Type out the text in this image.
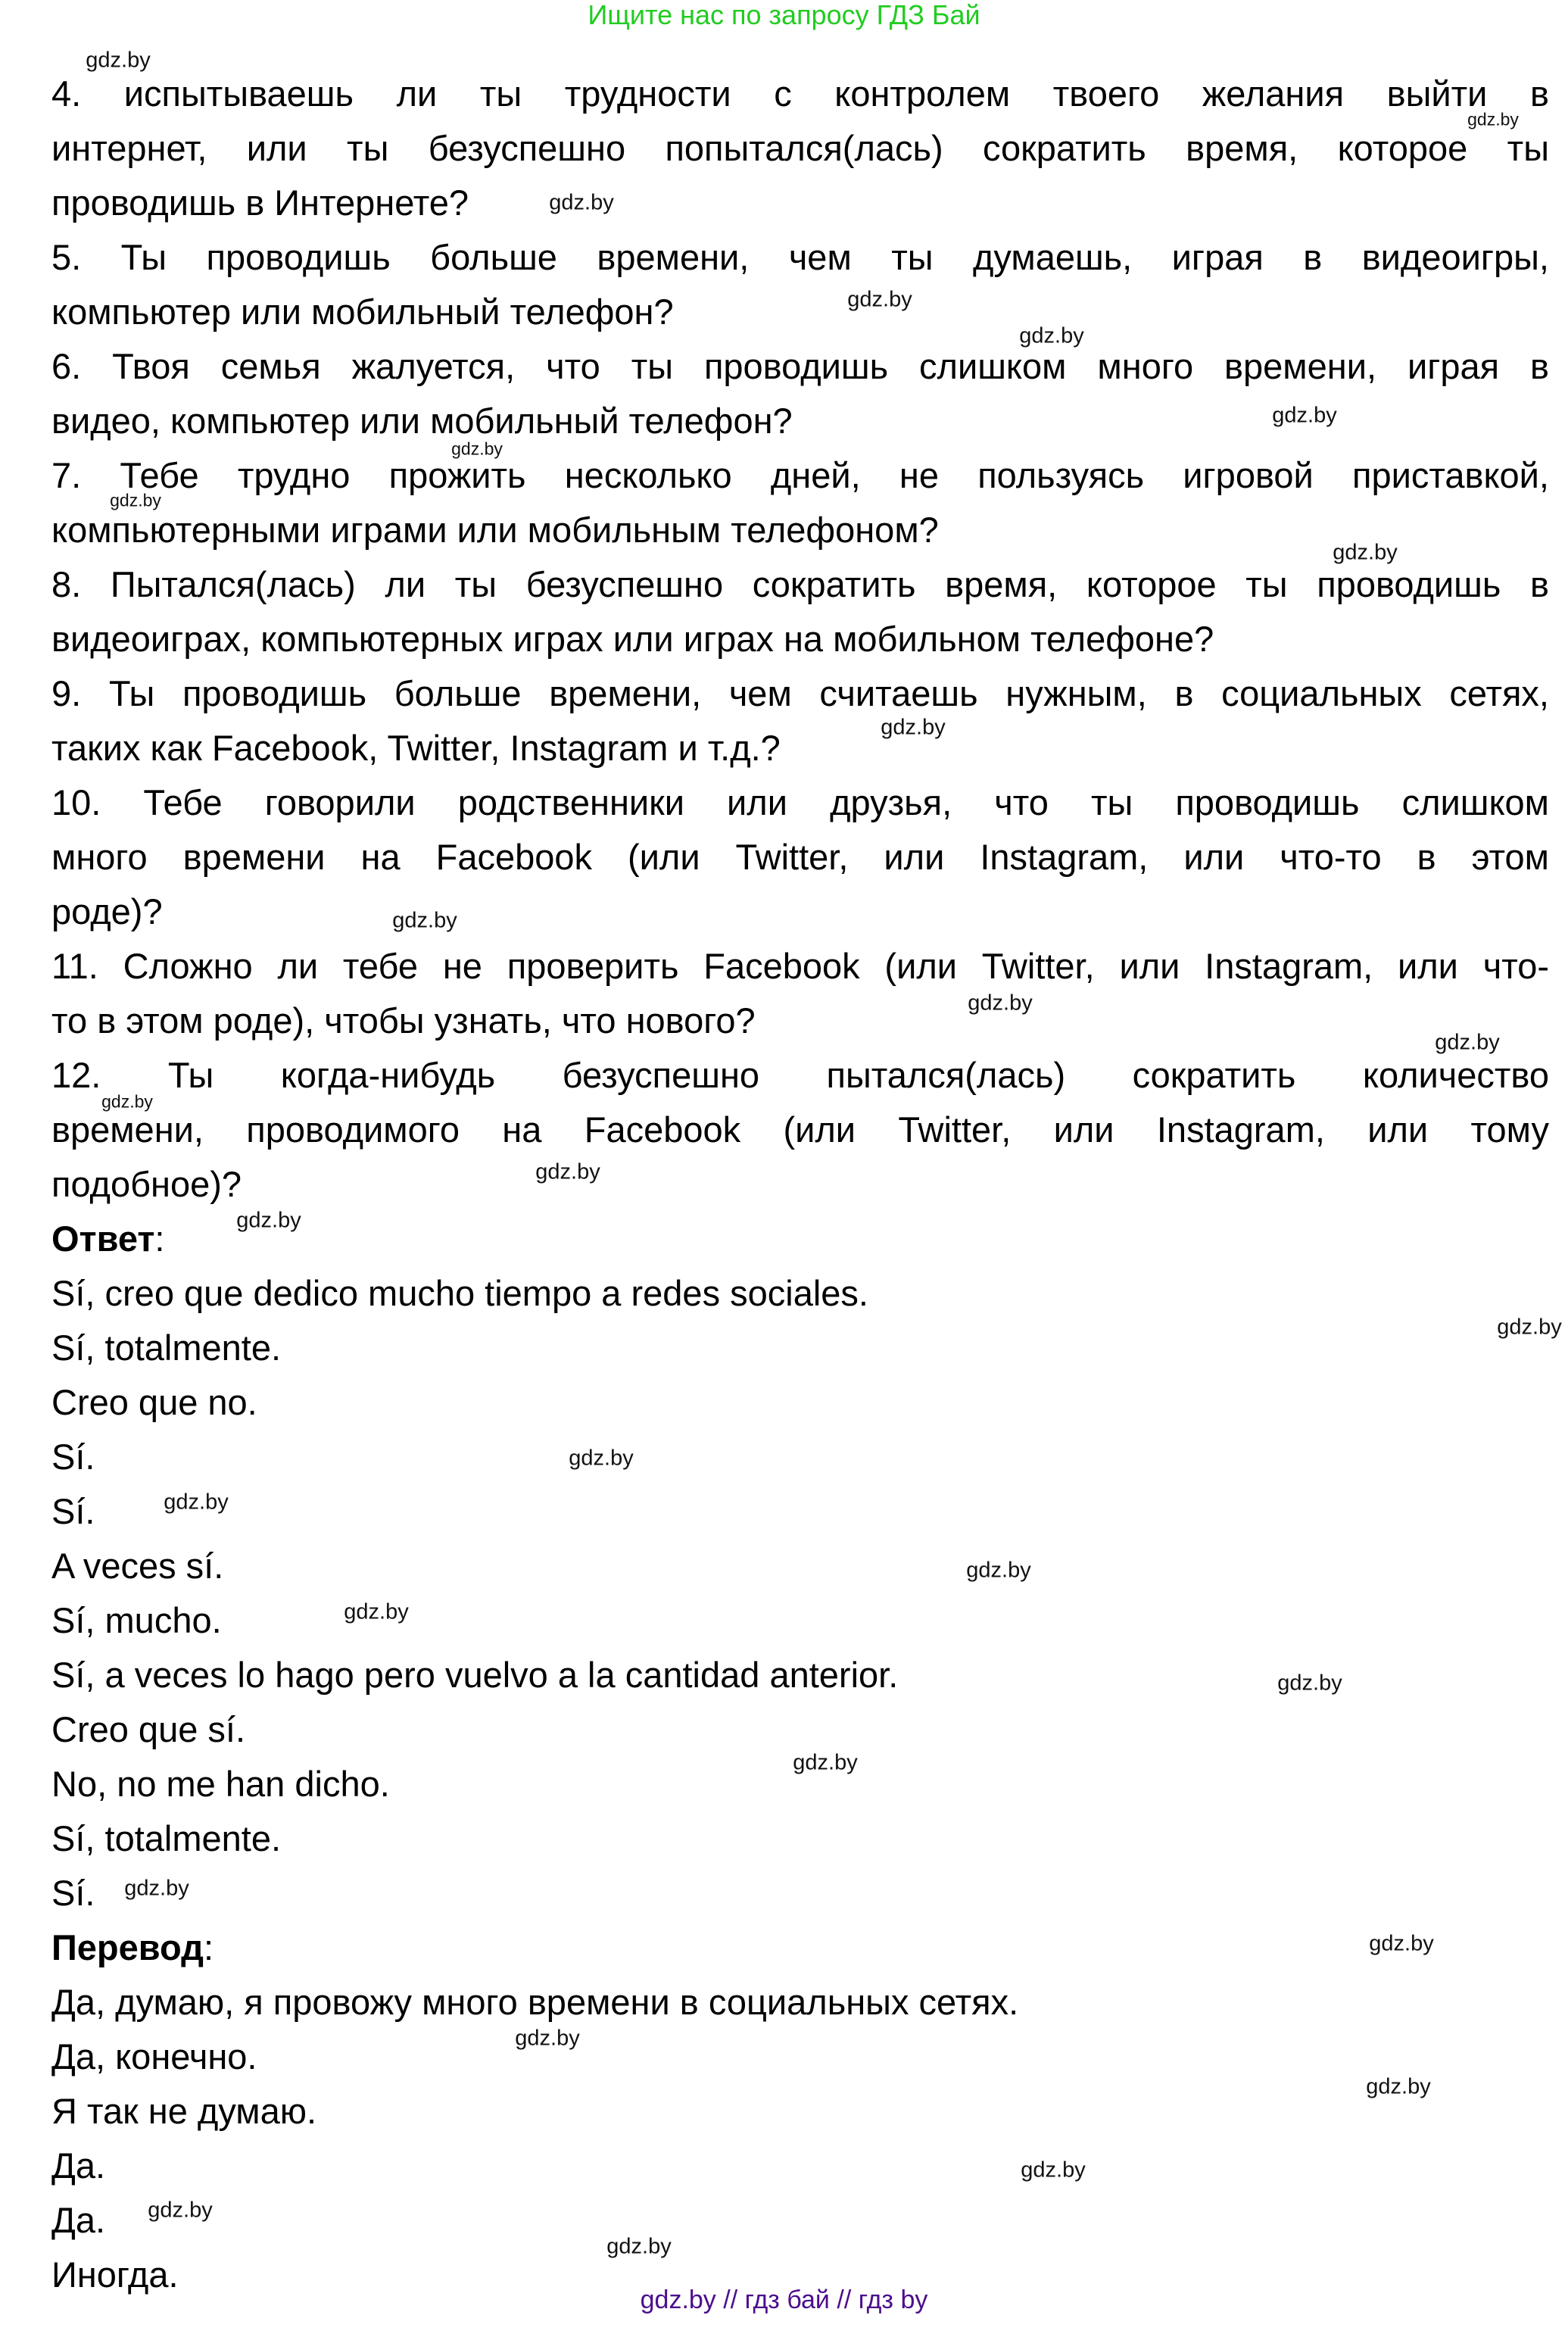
Ищите нас по запросу ГДЗ Бай
4. испытываешь ли ты трудности с контролем твоего желания выйти в
интернет, или ты безуспешно попытался(лась) сократить время, которое ты
проводишь в Интернете?
5. Ты проводишь больше времени, чем ты думаешь, играя в видеоигры,
компьютер или мобильный телефон?
6. Твоя семья жалуется, что ты проводишь слишком много времени, играя в
видео, компьютер или мобильный телефон?
7. Тебе трудно прожить несколько дней, не пользуясь игровой приставкой,
компьютерными играми или мобильным телефоном?
8. Пытался(лась) ли ты безуспешно сократить время, которое ты проводишь в
видеоиграх, компьютерных играх или играх на мобильном телефоне?
9. Ты проводишь больше времени, чем считаешь нужным, в социальных сетях,
таких как Facebook, Twitter, Instagram и т.д.?
10. Тебе говорили родственники или друзья, что ты проводишь слишком
много времени на Facebook (или Twitter, или Instagram, или что-то в этом
роде)?
11. Сложно ли тебе не проверить Facebook (или Twitter, или Instagram, или что-
то в этом роде), чтобы узнать, что нового?
12. Ты когда-нибудь безуспешно пытался(лась) сократить количество
времени, проводимого на Facebook (или Twitter, или Instagram, или тому
подобное)?
Ответ:
Sí, creo que dedico mucho tiempo a redes sociales.
Sí, totalmente.
Creo que no.
Sí.
Sí.
A veces sí.
Sí, mucho.
Sí, a veces lo hago pero vuelvo a la cantidad anterior.
Creo que sí.
No, no me han dicho.
Sí, totalmente.
Sí.
Перевод:
Да, думаю, я провожу много времени в социальных сетях.
Да, конечно.
Я так не думаю.
Да.
Да.
Иногда.
gdz.by
gdz.by
gdz.by
gdz.by
gdz.by
gdz.by
gdz.by
gdz.by
gdz.by
gdz.by
gdz.by
gdz.by
gdz.by
gdz.by
gdz.by
gdz.by
gdz.by
gdz.by
gdz.by
gdz.by
gdz.by
gdz.by
gdz.by
gdz.by
gdz.by
gdz.by
gdz.by
gdz.by
gdz.by
gdz.by
gdz.by // гдз бай // гдз by
